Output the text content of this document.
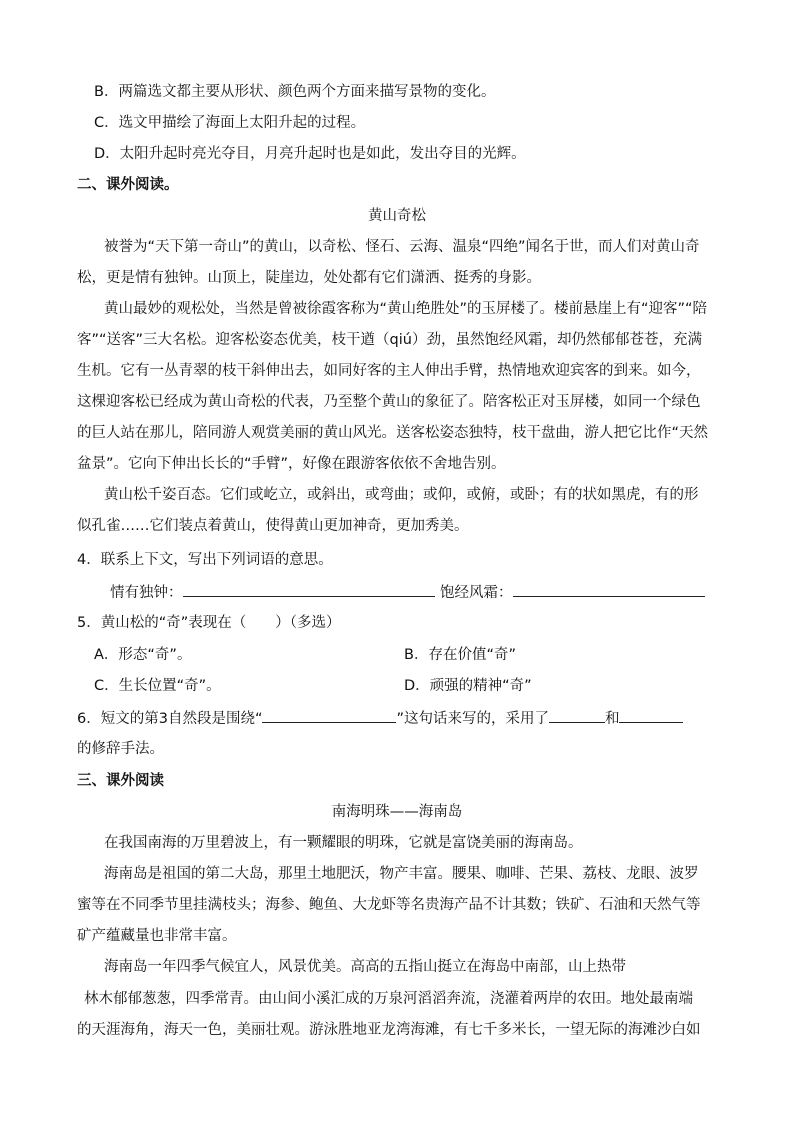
B．两篇选文都主要从形状、颜色两个方面来描写景物的变化。

C．选文甲描绘了海面上太阳升起的过程。

D．太阳升起时亮光夺目，月亮升起时也是如此，发出夺目的光辉。

二、课外阅读。

黄山奇松

被誉为“天下第一奇山”的黄山，以奇松、怪石、云海、温泉“四绝”闻名于世，而人们对黄山奇

松，更是情有独钟。山顶上，陡崖边，处处都有它们潇洒、挺秀的身影。

黄山最妙的观松处，当然是曾被徐霞客称为“黄山绝胜处”的玉屏楼了。楼前悬崖上有“迎客”“陪

客”“送客”三大名松。迎客松姿态优美，枝干遒（qiú）劲，虽然饱经风霜，却仍然郁郁苍苍，充满

生机。它有一丛青翠的枝干斜伸出去，如同好客的主人伸出手臂，热情地欢迎宾客的到来。如今，

这棵迎客松已经成为黄山奇松的代表，乃至整个黄山的象征了。陪客松正对玉屏楼，如同一个绿色

的巨人站在那儿，陪同游人观赏美丽的黄山风光。送客松姿态独特，枝干盘曲，游人把它比作“天然

盆景”。它向下伸出长长的“手臂”，好像在跟游客依依不舍地告别。

黄山松千姿百态。它们或屹立，或斜出，或弯曲；或仰，或俯，或卧；有的状如黑虎，有的形

似孔雀……它们装点着黄山，使得黄山更加神奇，更加秀美。

4．联系上下文，写出下列词语的意思。

情有独钟：	饱经风霜：

5．黄山松的“奇”表现在（　　）（多选）

A．形态“奇”。	B．存在价值“奇”

C．生长位置“奇”。	D．顽强的精神“奇”

6．短文的第3自然段是围绕“	”这句话来写的，采用了	和

的修辞手法。

三、课外阅读

南海明珠——海南岛

在我国南海的万里碧波上，有一颗耀眼的明珠，它就是富饶美丽的海南岛。

海南岛是祖国的第二大岛，那里土地肥沃，物产丰富。腰果、咖啡、芒果、荔枝、龙眼、波罗

蜜等在不同季节里挂满枝头；海参、鲍鱼、大龙虾等名贵海产品不计其数；铁矿、石油和天然气等

矿产蕴藏量也非常丰富。

海南岛一年四季气候宜人，风景优美。高高的五指山挺立在海岛中南部，山上热带

林木郁郁葱葱，四季常青。由山间小溪汇成的万泉河滔滔奔流，浇灌着两岸的农田。地处最南端

的天涯海角，海天一色，美丽壮观。游泳胜地亚龙湾海滩，有七千多米长，一望无际的海滩沙白如
